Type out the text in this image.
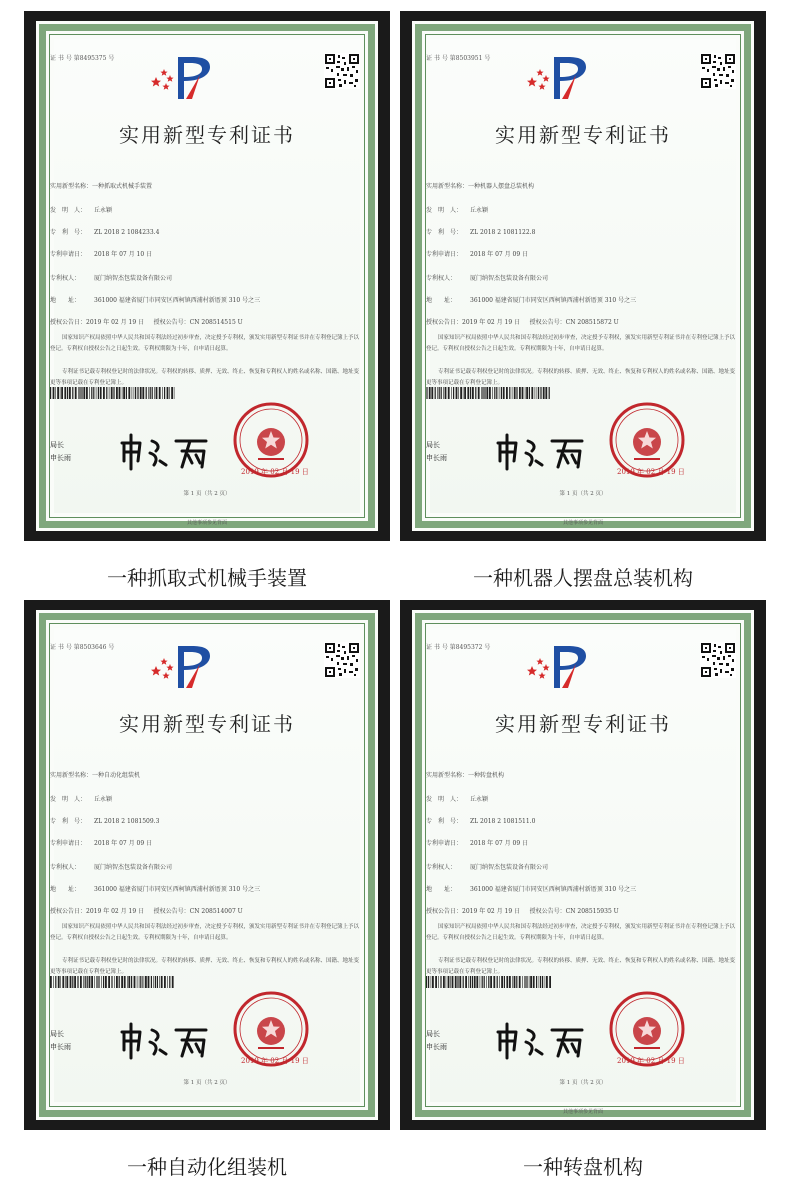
证 书 号 第8495375 号
实用新型专利证书
实用新型名称：一种抓取式机械手装置
发　明　人： 丘永颖
专　利　号： ZL 2018 2 1084233.4
专利申请日： 2018 年 07 月 10 日
专利权人： 厦门纳智杰包装设备有限公司
地　　址： 361000 福建省厦门市同安区西柯镇西浦村新厝顶 310 号之三
授权公告日：2019 年 02 月 19 日 授权公告号：CN 208514515 U
国家知识产权局依照中华人民共和国专利法经过初步审查，决定授予专利权，颁发实用新型专利证书并在专利登记簿上予以登记。专利权自授权公告之日起生效。专利权期限为十年，自申请日起算。
专利证书记载专利权登记时的法律状况。专利权的转移、质押、无效、终止、恢复和专利权人的姓名或名称、国籍、地址变更等事项记载在专利登记簿上。
局长
申长雨
2019 年 02 月 19 日
第 1 页（共 2 页）
其他事项参见背面
一种抓取式机械手装置
证 书 号 第8503951 号
实用新型专利证书
实用新型名称：一种机器人摆盘总装机构
发　明　人： 丘永颖
专　利　号： ZL 2018 2 1081122.8
专利申请日： 2018 年 07 月 09 日
专利权人： 厦门纳智杰包装设备有限公司
地　　址： 361000 福建省厦门市同安区西柯镇西浦村新厝顶 310 号之三
授权公告日：2019 年 02 月 19 日 授权公告号：CN 208515872 U
国家知识产权局依照中华人民共和国专利法经过初步审查，决定授予专利权，颁发实用新型专利证书并在专利登记簿上予以登记。专利权自授权公告之日起生效。专利权期限为十年，自申请日起算。
专利证书记载专利权登记时的法律状况。专利权的转移、质押、无效、终止、恢复和专利权人的姓名或名称、国籍、地址变更等事项记载在专利登记簿上。
局长
申长雨
2019 年 02 月 19 日
第 1 页（共 2 页）
其他事项参见背面
一种机器人摆盘总装机构
证 书 号 第8503646 号
实用新型专利证书
实用新型名称：一种自动化组装机
发　明　人： 丘永颖
专　利　号： ZL 2018 2 1081509.3
专利申请日： 2018 年 07 月 09 日
专利权人： 厦门纳智杰包装设备有限公司
地　　址： 361000 福建省厦门市同安区西柯镇西浦村新厝顶 310 号之三
授权公告日：2019 年 02 月 19 日 授权公告号：CN 208514007 U
国家知识产权局依照中华人民共和国专利法经过初步审查，决定授予专利权，颁发实用新型专利证书并在专利登记簿上予以登记。专利权自授权公告之日起生效。专利权期限为十年，自申请日起算。
专利证书记载专利权登记时的法律状况。专利权的转移、质押、无效、终止、恢复和专利权人的姓名或名称、国籍、地址变更等事项记载在专利登记簿上。
局长
申长雨
2019 年 02 月 19 日
第 1 页（共 2 页）
一种自动化组装机
证 书 号 第8495372 号
实用新型专利证书
实用新型名称：一种转盘机构
发　明　人： 丘永颖
专　利　号： ZL 2018 2 1081511.0
专利申请日： 2018 年 07 月 09 日
专利权人： 厦门纳智杰包装设备有限公司
地　　址： 361000 福建省厦门市同安区西柯镇西浦村新厝顶 310 号之三
授权公告日：2019 年 02 月 19 日 授权公告号：CN 208515935 U
国家知识产权局依照中华人民共和国专利法经过初步审查，决定授予专利权，颁发实用新型专利证书并在专利登记簿上予以登记。专利权自授权公告之日起生效。专利权期限为十年，自申请日起算。
专利证书记载专利权登记时的法律状况。专利权的转移、质押、无效、终止、恢复和专利权人的姓名或名称、国籍、地址变更等事项记载在专利登记簿上。
局长
申长雨
2019 年 02 月 19 日
第 1 页（共 2 页）
其他事项参见背面
一种转盘机构
